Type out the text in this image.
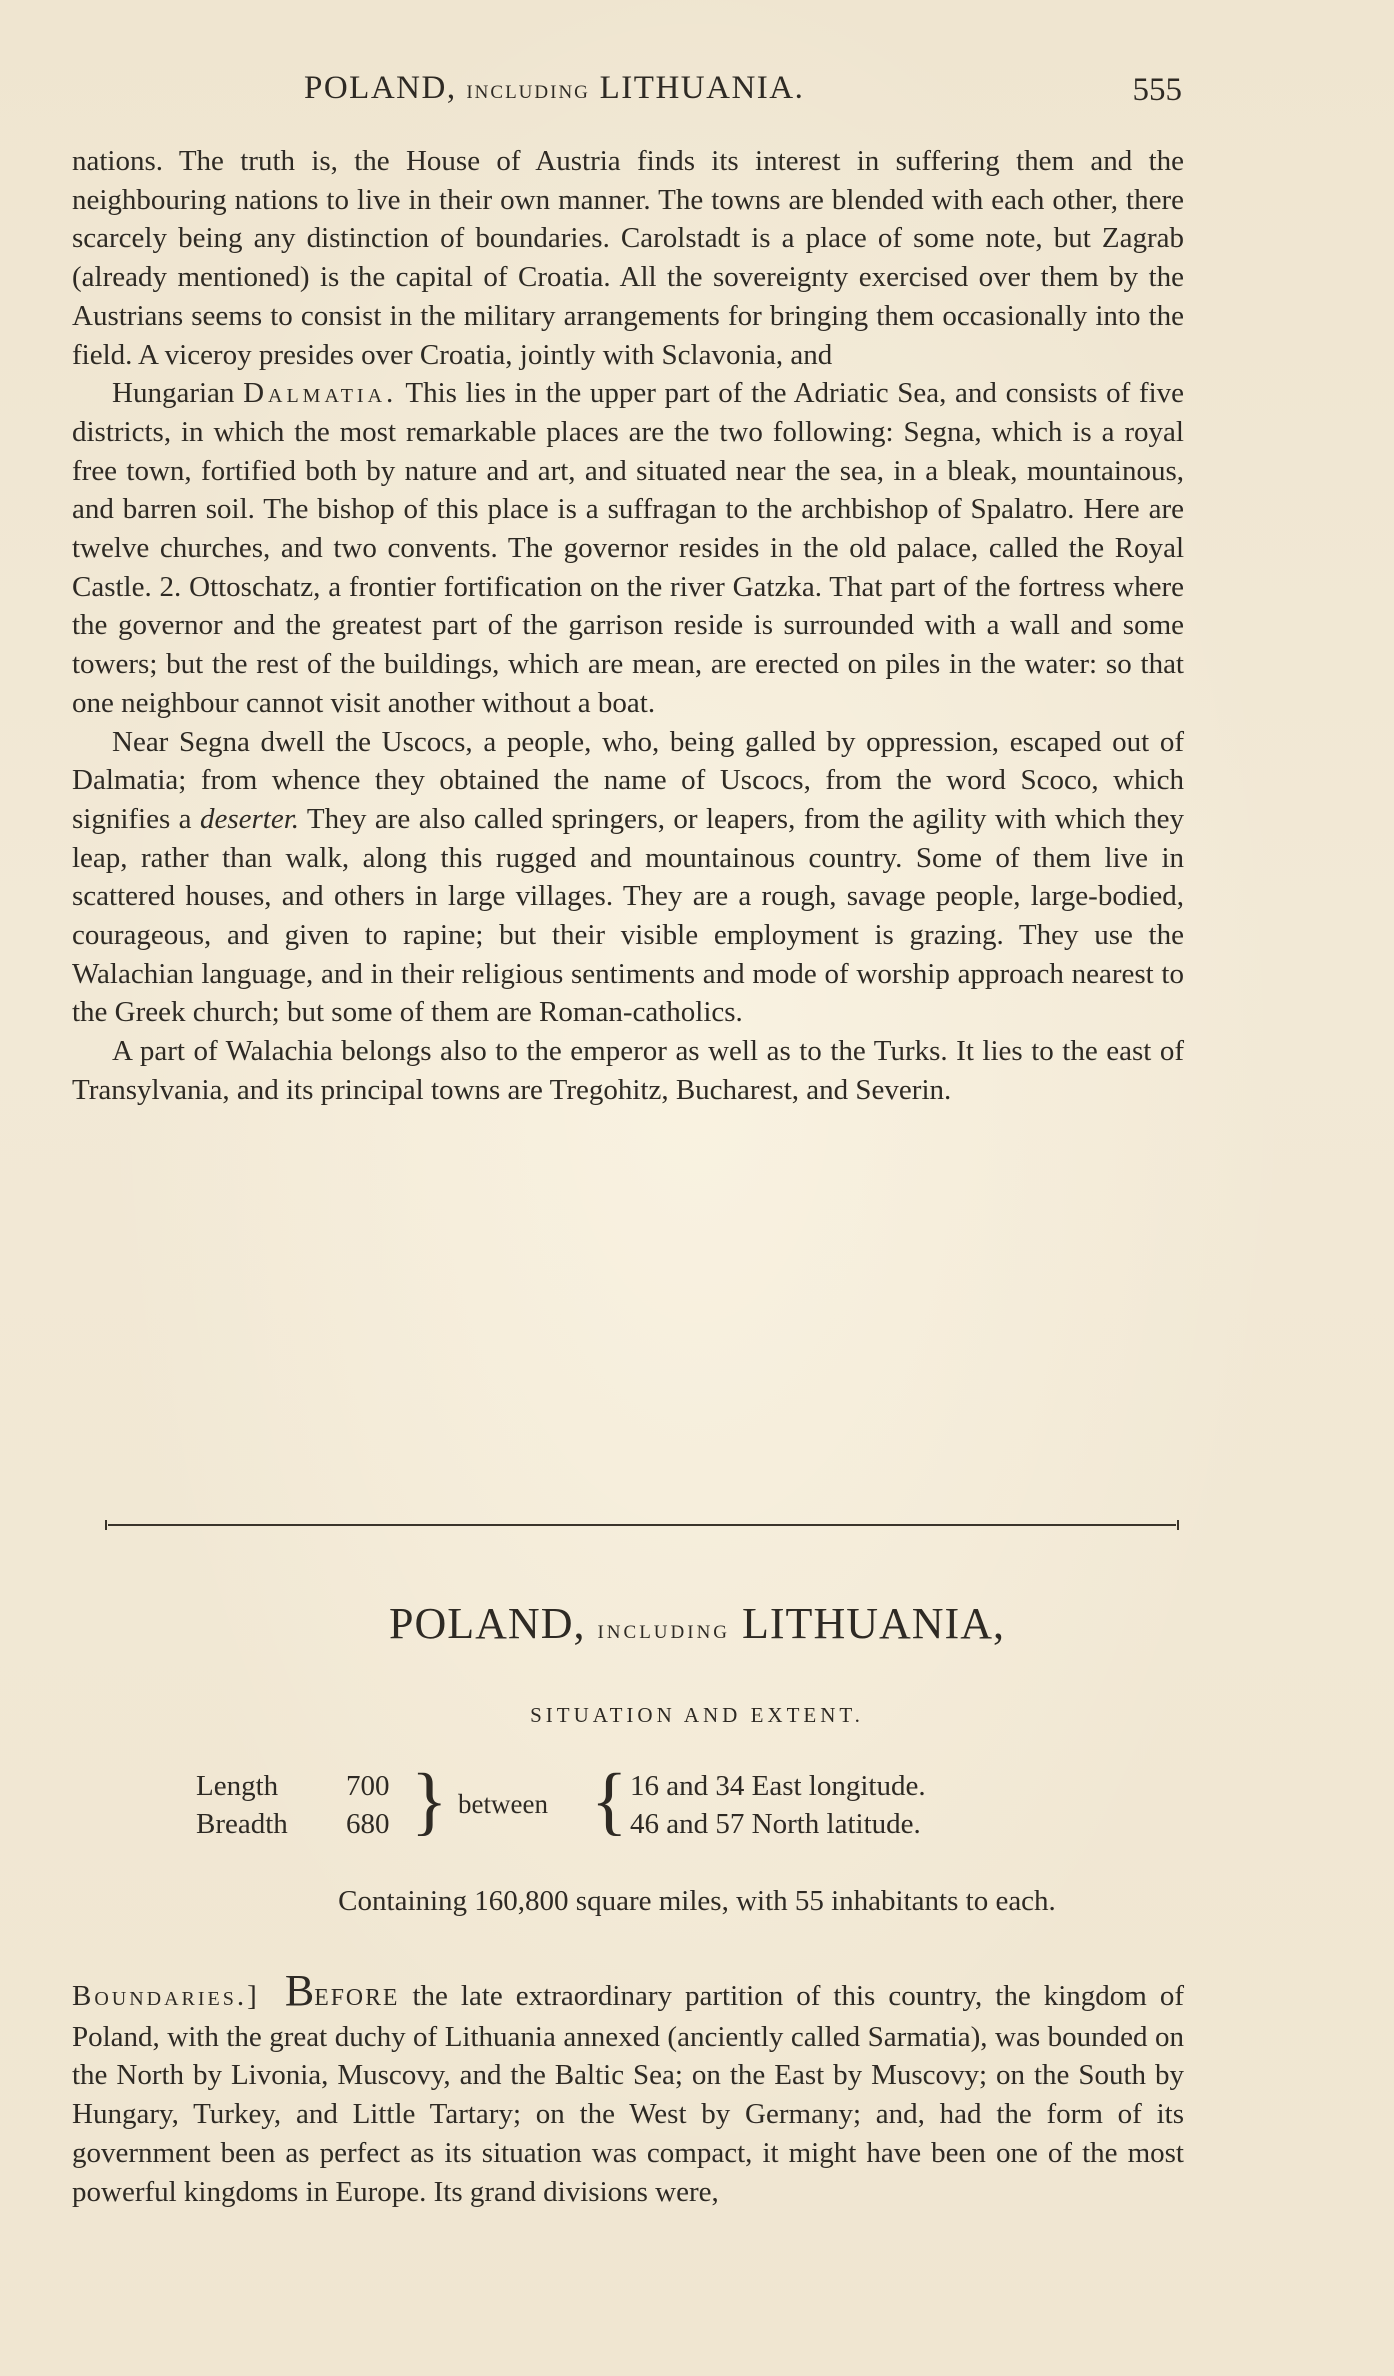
POLAND, including LITHUANIA.	555

nations. The truth is, the House of Austria finds its interest in suffering them and the neighbouring nations to live in their own manner. The towns are blended with each other, there scarcely being any distinction of boundaries. Carolstadt is a place of some note, but Zagrab (already mentioned) is the capital of Croatia. All the sovereignty exercised over them by the Austrians seems to consist in the military arrangements for bringing them occasionally into the field. A viceroy presides over Croatia, jointly with Sclavonia, and

Hungarian Dalmatia. This lies in the upper part of the Adriatic Sea, and consists of five districts, in which the most remarkable places are the two following: Segna, which is a royal free town, fortified both by nature and art, and situated near the sea, in a bleak, mountainous, and barren soil. The bishop of this place is a suffragan to the archbishop of Spalatro. Here are twelve churches, and two convents. The governor resides in the old palace, called the Royal Castle. 2. Ottoschatz, a frontier fortification on the river Gatzka. That part of the fortress where the governor and the greatest part of the garrison reside is surrounded with a wall and some towers; but the rest of the buildings, which are mean, are erected on piles in the water: so that one neighbour cannot visit another without a boat.

Near Segna dwell the Uscocs, a people, who, being galled by oppression, escaped out of Dalmatia; from whence they obtained the name of Uscocs, from the word Scoco, which signifies a deserter. They are also called springers, or leapers, from the agility with which they leap, rather than walk, along this rugged and mountainous country. Some of them live in scattered houses, and others in large villages. They are a rough, savage people, large-bodied, courageous, and given to rapine; but their visible employment is grazing. They use the Walachian language, and in their religious sentiments and mode of worship approach nearest to the Greek church; but some of them are Roman-catholics.

A part of Walachia belongs also to the emperor as well as to the Turks. It lies to the east of Transylvania, and its principal towns are Tregohitz, Bucharest, and Severin.

POLAND, including LITHUANIA,
SITUATION AND EXTENT.
Length
Breadth
700
680 } between { 16 and 34 East longitude.
46 and 57 North latitude.
Containing 160,800 square miles, with 55 inhabitants to each.

Boundaries.] BEFORE the late extraordinary partition of this country, the kingdom of Poland, with the great duchy of Lithuania annexed (anciently called Sarmatia), was bounded on the North by Livonia, Muscovy, and the Baltic Sea; on the East by Muscovy; on the South by Hungary, Turkey, and Little Tartary; on the West by Germany; and, had the form of its government been as perfect as its situation was compact, it might have been one of the most powerful kingdoms in Europe. Its grand divisions were,
